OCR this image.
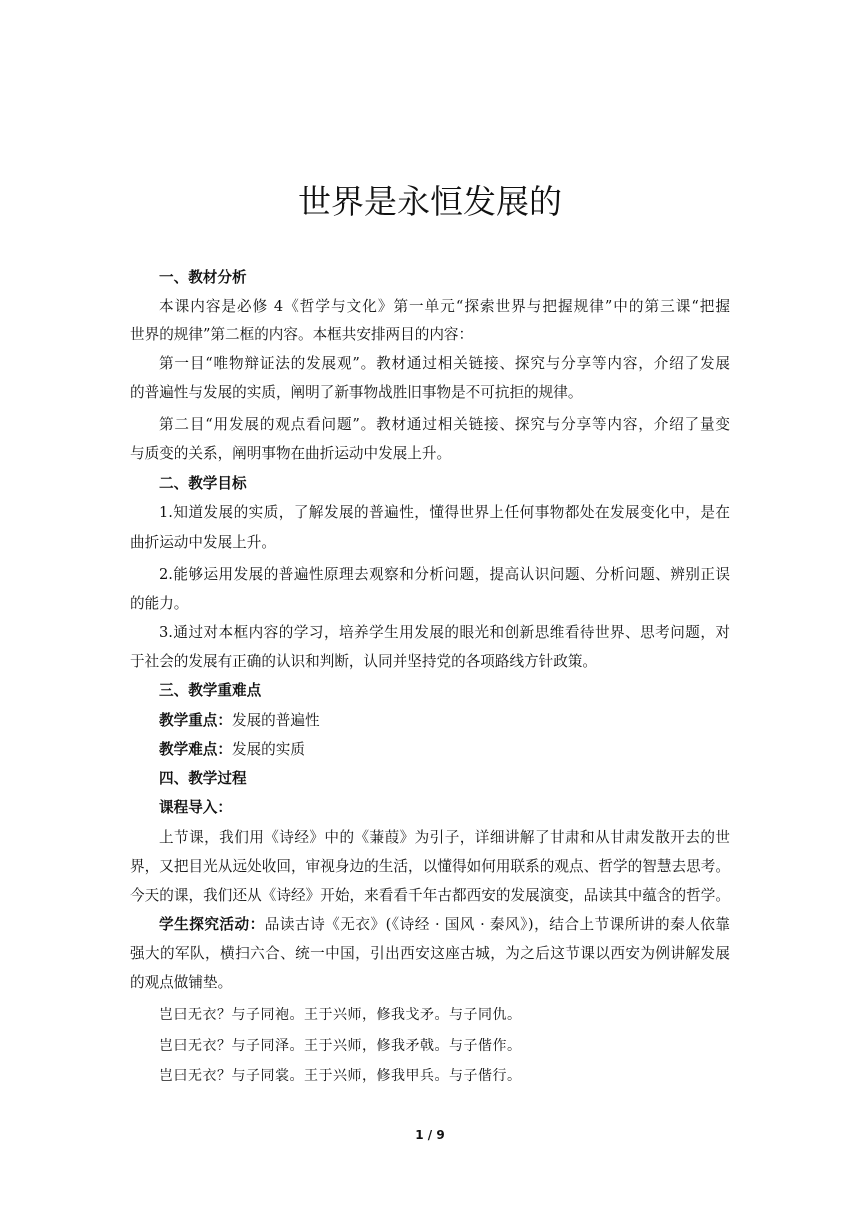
世界是永恒发展的
一、教材分析
本课内容是必修 4《哲学与文化》第一单元“探索世界与把握规律”中的第三课“把握
世界的规律”第二框的内容。本框共安排两目的内容：
第一目“唯物辩证法的发展观”。教材通过相关链接、探究与分享等内容，介绍了发展
的普遍性与发展的实质，阐明了新事物战胜旧事物是不可抗拒的规律。
第二目“用发展的观点看问题”。教材通过相关链接、探究与分享等内容，介绍了量变
与质变的关系，阐明事物在曲折运动中发展上升。
二、教学目标
1.知道发展的实质，了解发展的普遍性，懂得世界上任何事物都处在发展变化中，是在
曲折运动中发展上升。
2.能够运用发展的普遍性原理去观察和分析问题，提高认识问题、分析问题、辨别正误
的能力。
3.通过对本框内容的学习，培养学生用发展的眼光和创新思维看待世界、思考问题，对
于社会的发展有正确的认识和判断，认同并坚持党的各项路线方针政策。
三、教学重难点
教学重点：发展的普遍性
教学难点：发展的实质
四、教学过程
课程导入：
上节课，我们用《诗经》中的《蒹葭》为引子，详细讲解了甘肃和从甘肃发散开去的世
界，又把目光从远处收回，审视身边的生活，以懂得如何用联系的观点、哲学的智慧去思考。
今天的课，我们还从《诗经》开始，来看看千年古都西安的发展演变，品读其中蕴含的哲学。
学生探究活动：品读古诗《无衣》(《诗经 · 国风 · 秦风》)，结合上节课所讲的秦人依靠
强大的军队，横扫六合、统一中国，引出西安这座古城，为之后这节课以西安为例讲解发展
的观点做铺垫。
岂曰无衣？与子同袍。王于兴师，修我戈矛。与子同仇。
岂曰无衣？与子同泽。王于兴师，修我矛戟。与子偕作。
岂曰无衣？与子同裳。王于兴师，修我甲兵。与子偕行。
1 / 9
